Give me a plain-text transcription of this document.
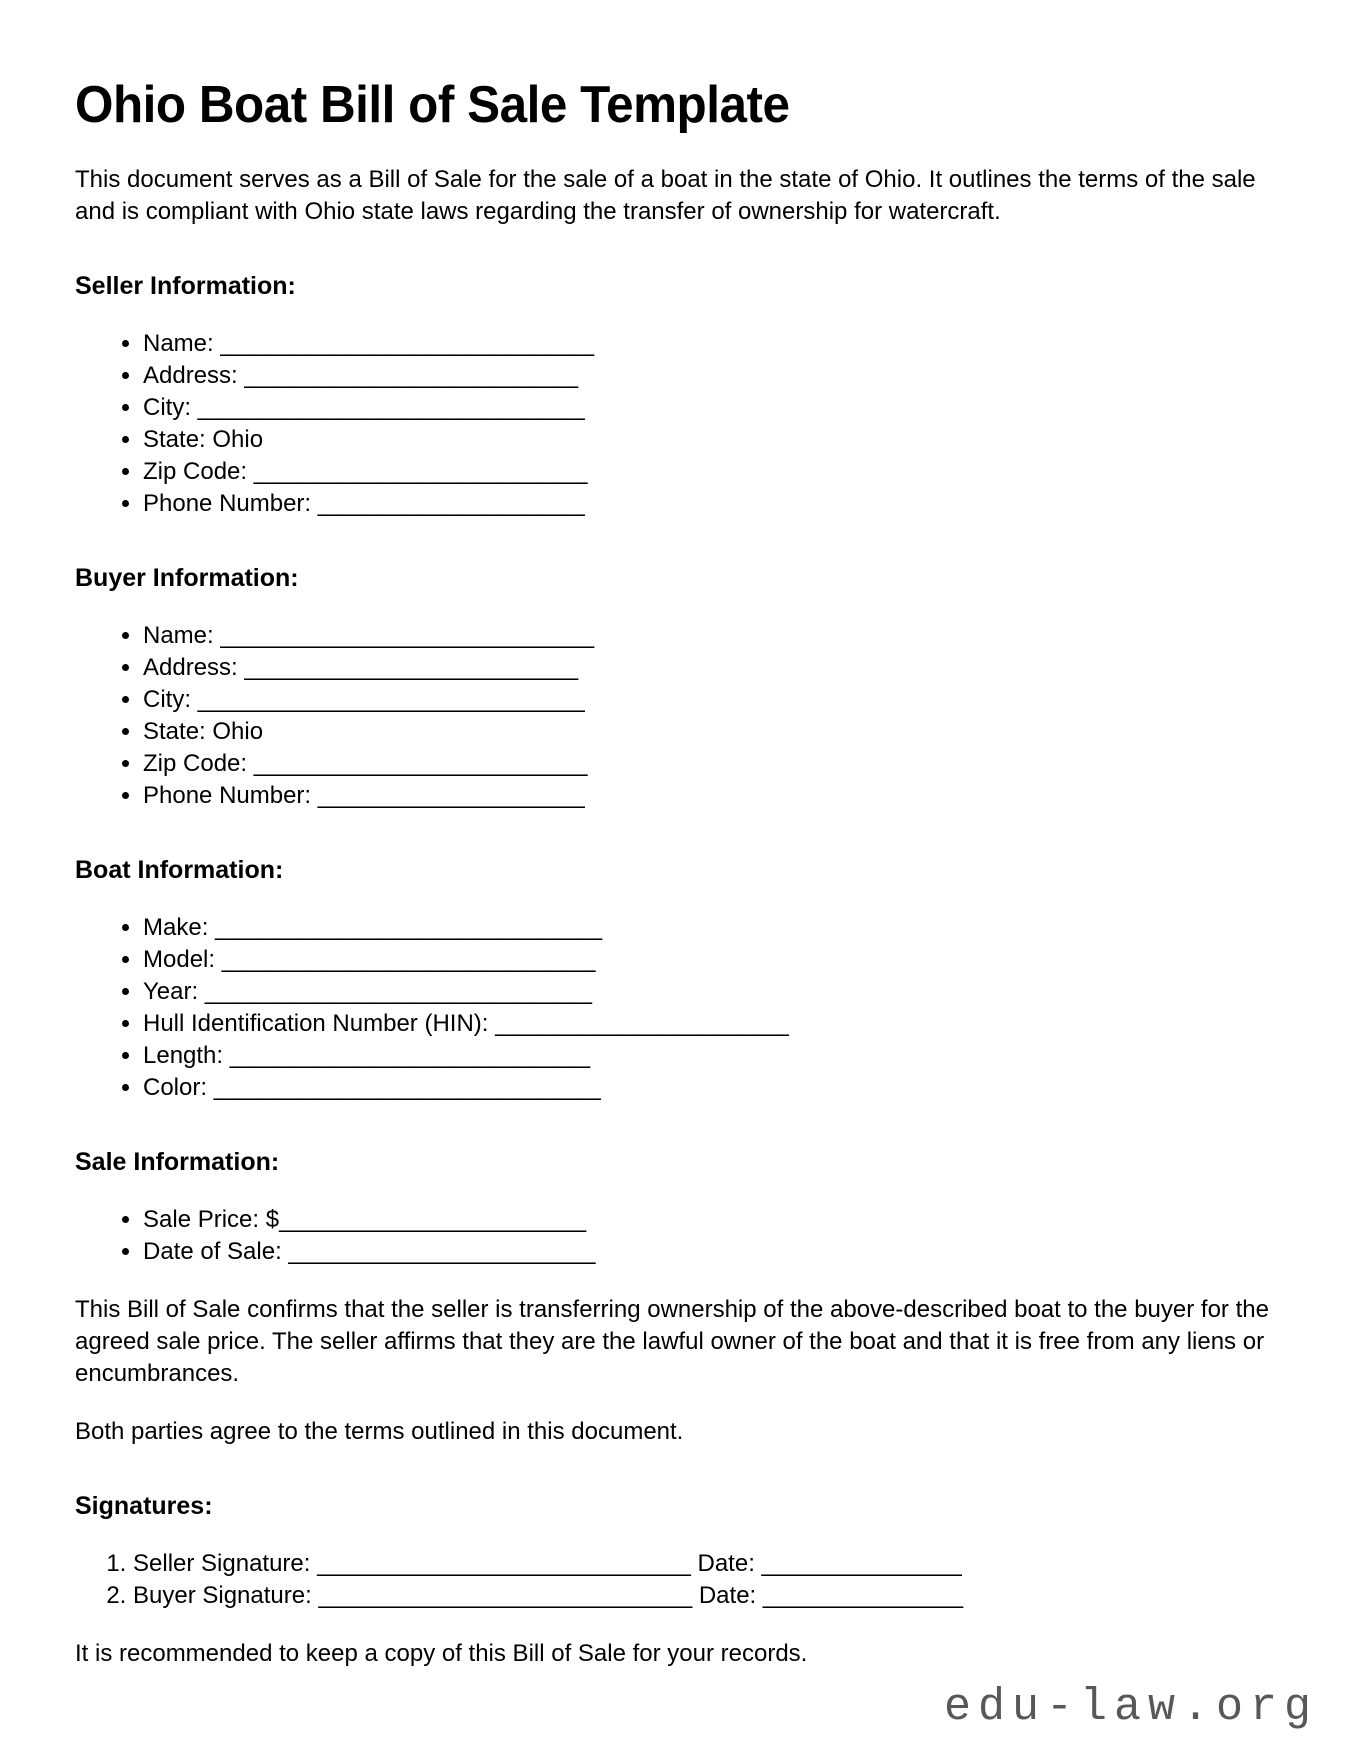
Ohio Boat Bill of Sale Template

This document serves as a Bill of Sale for the sale of a boat in the state of Ohio. It outlines the terms of the sale and is compliant with Ohio state laws regarding the transfer of ownership for watercraft.

Seller Information:
• Name: ____________________________
• Address: _________________________
• City: _____________________________
• State: Ohio
• Zip Code: _________________________
• Phone Number: ____________________
Buyer Information:
• Name: ____________________________
• Address: _________________________
• City: _____________________________
• State: Ohio
• Zip Code: _________________________
• Phone Number: ____________________
Boat Information:
• Make: _____________________________
• Model: ____________________________
• Year: _____________________________
• Hull Identification Number (HIN): ______________________
• Length: ___________________________
• Color: _____________________________
Sale Information:
• Sale Price: $_______________________
• Date of Sale: _______________________

This Bill of Sale confirms that the seller is transferring ownership of the above-described boat to the buyer for the agreed sale price. The seller affirms that they are the lawful owner of the boat and that it is free from any liens or encumbrances.

Both parties agree to the terms outlined in this document.

Signatures:
1. Seller Signature: ____________________________ Date: _______________
2. Buyer Signature: ____________________________ Date: _______________

It is recommended to keep a copy of this Bill of Sale for your records.

edu-law.org
